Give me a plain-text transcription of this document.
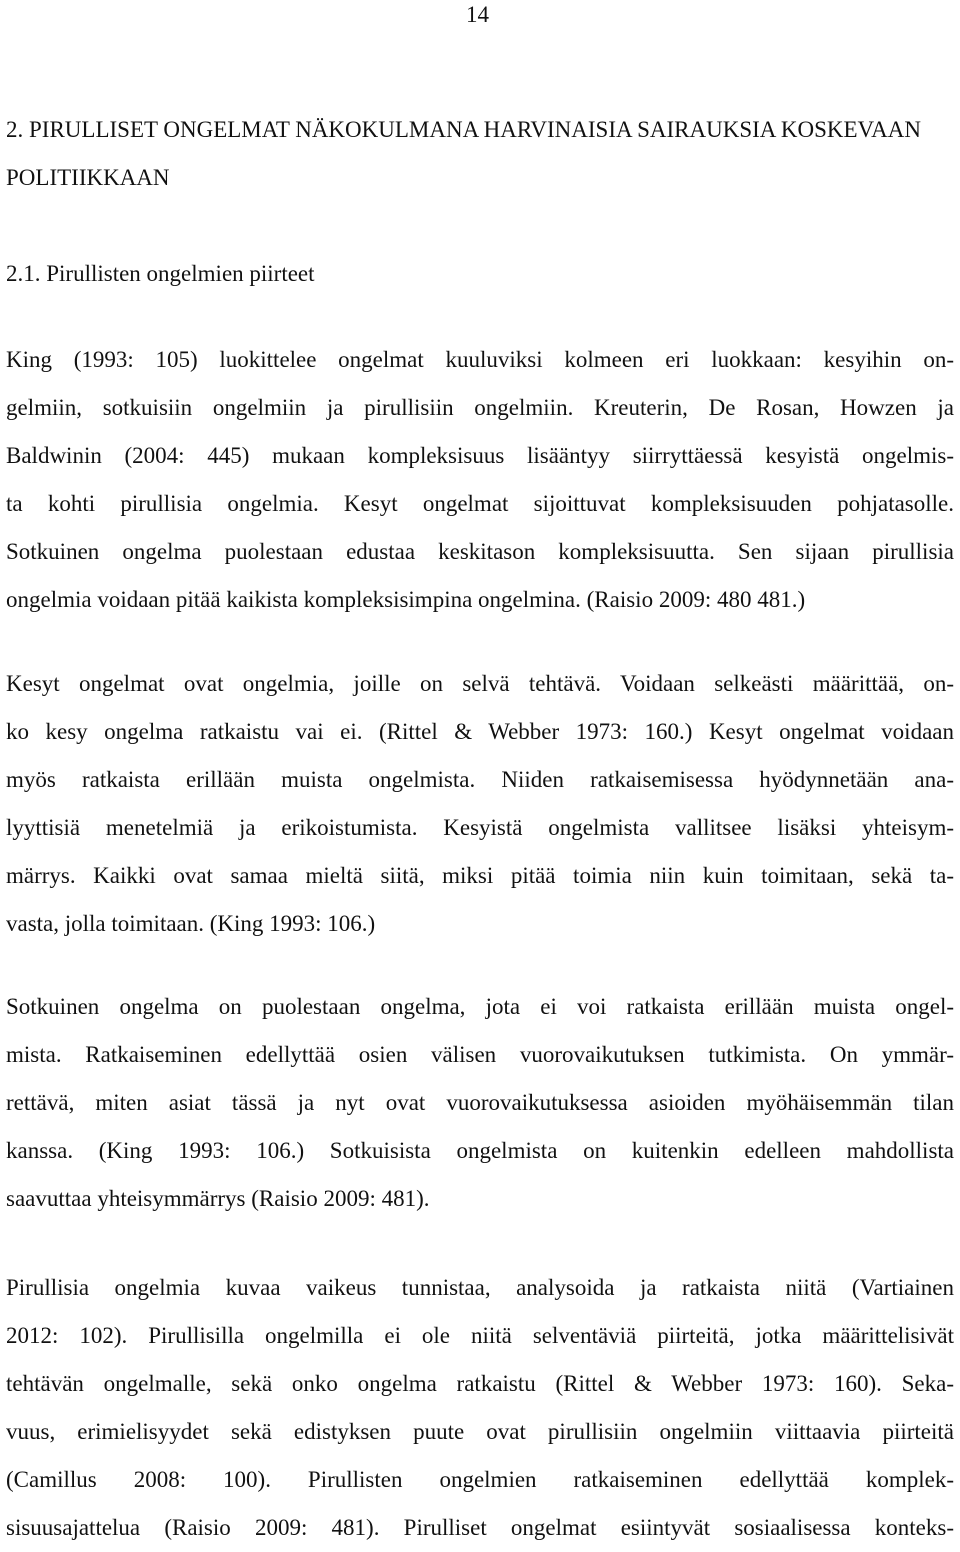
14
2. PIRULLISET ONGELMAT NÄKOKULMANA HARVINAISIA SAIRAUKSIA KOSKEVAAN POLITIIKKAAN
2.1. Pirullisten ongelmien piirteet

King (1993: 105) luokittelee ongelmat kuuluviksi kolmeen eri luokkaan: kesyihin on-
gelmiin, sotkuisiin ongelmiin ja pirullisiin ongelmiin. Kreuterin, De Rosan, Howzen ja
Baldwinin (2004: 445) mukaan kompleksisuus lisääntyy siirryttäessä kesyistä ongelmis-
ta kohti pirullisia ongelmia. Kesyt ongelmat sijoittuvat kompleksisuuden pohjatasolle.
Sotkuinen ongelma puolestaan edustaa keskitason kompleksisuutta. Sen sijaan pirullisia
ongelmia voidaan pitää kaikista kompleksisimpina ongelmina. (Raisio 2009: 480 481.)

Kesyt ongelmat ovat ongelmia, joille on selvä tehtävä. Voidaan selkeästi määrittää, on-
ko kesy ongelma ratkaistu vai ei. (Rittel & Webber 1973: 160.) Kesyt ongelmat voidaan
myös ratkaista erillään muista ongelmista. Niiden ratkaisemisessa hyödynnetään ana-
lyyttisiä menetelmiä ja erikoistumista. Kesyistä ongelmista vallitsee lisäksi yhteisym-
märrys. Kaikki ovat samaa mieltä siitä, miksi pitää toimia niin kuin toimitaan, sekä ta-
vasta, jolla toimitaan. (King 1993: 106.)

Sotkuinen ongelma on puolestaan ongelma, jota ei voi ratkaista erillään muista ongel-
mista. Ratkaiseminen edellyttää osien välisen vuorovaikutuksen tutkimista. On ymmär-
rettävä, miten asiat tässä ja nyt ovat vuorovaikutuksessa asioiden myöhäisemmän tilan
kanssa. (King 1993: 106.) Sotkuisista ongelmista on kuitenkin edelleen mahdollista
saavuttaa yhteisymmärrys (Raisio 2009: 481).

Pirullisia ongelmia kuvaa vaikeus tunnistaa, analysoida ja ratkaista niitä (Vartiainen
2012: 102). Pirullisilla ongelmilla ei ole niitä selventäviä piirteitä, jotka määrittelisivät
tehtävän ongelmalle, sekä onko ongelma ratkaistu (Rittel & Webber 1973: 160). Seka-
vuus, erimielisyydet sekä edistyksen puute ovat pirullisiin ongelmiin viittaavia piirteitä
(Camillus 2008: 100). Pirullisten ongelmien ratkaiseminen edellyttää komplek-
sisuusajattelua (Raisio 2009: 481). Pirulliset ongelmat esiintyvät sosiaalisessa konteks-
